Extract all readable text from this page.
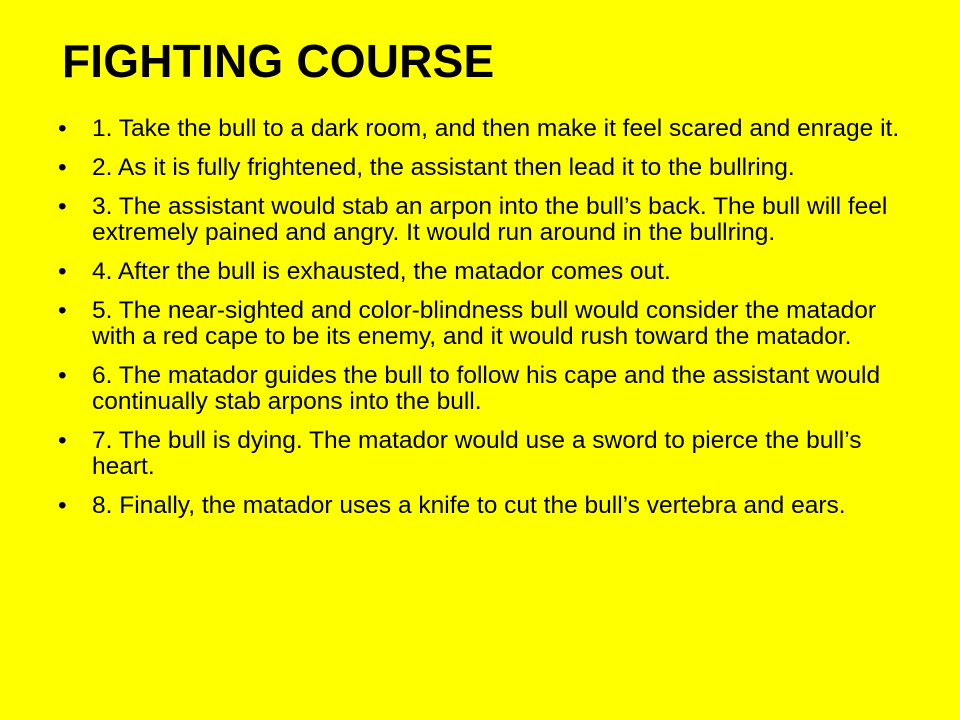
FIGHTING COURSE
•	1. Take the bull to a dark room, and then make it feel scared and enrage it.
•	2. As it is fully frightened, the assistant then lead it to the bullring.
•	3. The assistant would stab an arpon into the bull’s back. The bull will feel extremely pained and angry. It would run around in the bullring.
•	4. After the bull is exhausted, the matador comes out.
•	5. The near-sighted and color-blindness bull would consider the matador with a red cape to be its enemy, and it would rush toward the matador.
•	6. The matador guides the bull to follow his cape and the assistant would continually stab arpons into the bull.
•	7. The bull is dying. The matador would use a sword to pierce the bull’s heart.
•	8. Finally, the matador uses a knife to cut the bull’s vertebra and ears.
